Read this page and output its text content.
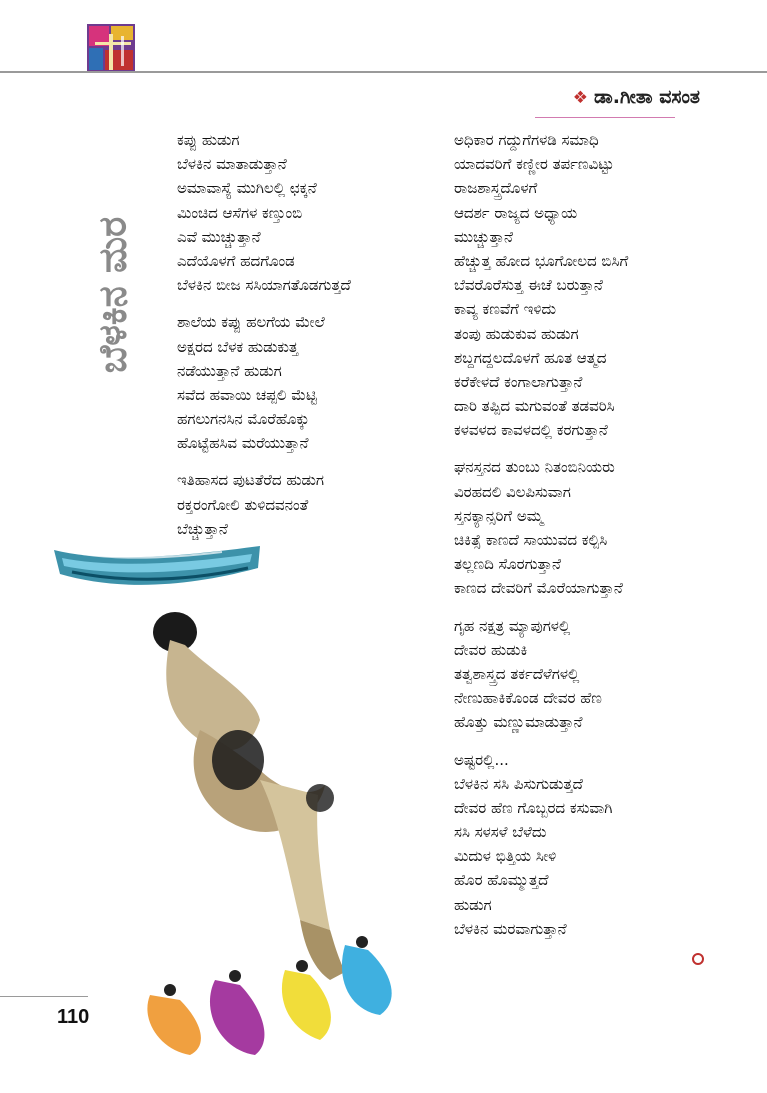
❖ ಡಾ.ಗೀತಾ ವಸಂತ
ಬೆಳಕಿನ ಮರ
ಕಪ್ಪು ಹುಡುಗ
ಬೆಳಕಿನ ಮಾತಾಡುತ್ತಾನೆ
ಅಮಾವಾಸ್ಯೆ ಮುಗಿಲಲ್ಲಿ ಛಕ್ಕನೆ
ಮಿಂಚಿದ ಆಸೆಗಳ ಕಣ್ತುಂಬಿ
ಎವೆ ಮುಚ್ಚುತ್ತಾನೆ
ಎದೆಯೊಳಗೆ ಹದಗೊಂಡ
ಬೆಳಕಿನ ಬೀಜ ಸಸಿಯಾಗತೊಡಗುತ್ತದೆ
ಶಾಲೆಯ ಕಪ್ಪು ಹಲಗೆಯ ಮೇಲೆ
ಅಕ್ಷರದ ಬೆಳಕ ಹುಡುಕುತ್ತ
ನಡೆಯುತ್ತಾನೆ ಹುಡುಗ
ಸವೆದ ಹವಾಯಿ ಚಪ್ಪಲಿ ಮೆಟ್ಟಿ
ಹಗಲುಗನಸಿನ ಮೊರೆಹೊಕ್ಕು
ಹೊಟ್ಟೆಹಸಿವ ಮರೆಯುತ್ತಾನೆ
ಇತಿಹಾಸದ ಪುಟತೆರೆದ ಹುಡುಗ
ರಕ್ತರಂಗೋಲಿ ತುಳಿದವನಂತೆ
ಬೆಚ್ಚುತ್ತಾನೆ
ಅಧಿಕಾರ ಗದ್ದುಗೆಗಳಡಿ ಸಮಾಧಿ
ಯಾದವರಿಗೆ ಕಣ್ಣೀರ ತರ್ಪಣವಿಟ್ಟು
ರಾಜಶಾಸ್ತ್ರದೊಳಗೆ
ಆದರ್ಶ ರಾಜ್ಯದ ಅಧ್ಯಾಯ
ಮುಚ್ಚುತ್ತಾನೆ
ಹೆಚ್ಚುತ್ತ ಹೋದ ಭೂಗೋಲದ ಬಿಸಿಗೆ
ಬೆವರೊರೆಸುತ್ತ ಈಚೆ ಬರುತ್ತಾನೆ
ಕಾವ್ಯ ಕಣವೆಗೆ ಇಳಿದು
ತಂಪು ಹುಡುಕುವ ಹುಡುಗ
ಶಬ್ದಗದ್ದಲದೊಳಗೆ ಹೂತ ಆತ್ಮದ
ಕರೆಕೇಳದೆ ಕಂಗಾಲಾಗುತ್ತಾನೆ
ದಾರಿ ತಪ್ಪಿದ ಮಗುವಂತೆ ತಡವರಿಸಿ
ಕಳವಳದ ಕಾವಳದಲ್ಲಿ ಕರಗುತ್ತಾನೆ
ಘನಸ್ತನದ ತುಂಬು ನಿತಂಬಿನಿಯರು
ವಿರಹದಲಿ ವಿಲಪಿಸುವಾಗ
ಸ್ತನಕ್ಯಾನ್ಸರಿಗೆ ಅಮ್ಮ
ಚಿಕಿತ್ಸೆ ಕಾಣದೆ ಸಾಯುವದ ಕಲ್ಪಿಸಿ
ತಲ್ಲಣದಿ ಸೊರಗುತ್ತಾನೆ
ಕಾಣದ ದೇವರಿಗೆ ಮೊರೆಯಾಗುತ್ತಾನೆ
ಗೃಹ ನಕ್ಷತ್ರ ಮ್ಯಾಪುಗಳಲ್ಲಿ
ದೇವರ ಹುಡುಕಿ
ತತ್ವಶಾಸ್ತ್ರದ ತರ್ಕದೆಳೆಗಳಲ್ಲಿ
ನೇಣುಹಾಕಿಕೊಂಡ ದೇವರ ಹೆಣ
ಹೊತ್ತು ಮಣ್ಣುಮಾಡುತ್ತಾನೆ
ಅಷ್ಟರಲ್ಲಿ...
ಬೆಳಕಿನ ಸಸಿ ಪಿಸುಗುಡುತ್ತದೆ
ದೇವರ ಹೆಣ ಗೊಬ್ಬರದ ಕಸುವಾಗಿ
ಸಸಿ ಸಳಸಳೆ ಬೆಳೆದು
ಮಿದುಳ ಭಿತ್ತಿಯ ಸೀಳಿ
ಹೊರ ಹೊಮ್ಮುತ್ತದೆ
ಹುಡುಗ
ಬೆಳಕಿನ ಮರವಾಗುತ್ತಾನೆ
110
